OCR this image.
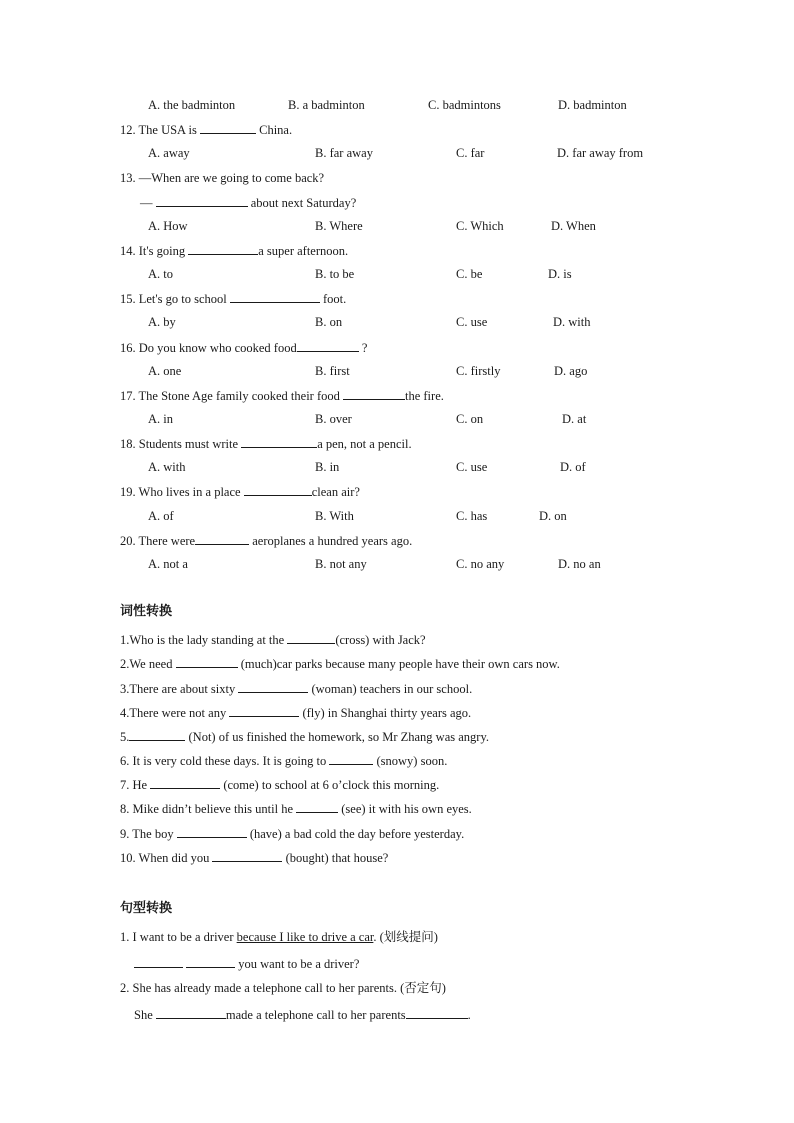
A. the badminton	B. a badminton	C. badmintons	D. badminton
12. The USA is	China.
A. away	B. far away	C. far	D. far away from
13. —When are we going to come back?
—	about next Saturday?
A. How	B. Where	C. Which	D. When
14. It's going	a super afternoon.
A. to	B. to be	C. be	D. is
15. Let's go to school	foot.
A. by	B. on	C. use	D. with
16. Do you know who cooked food	?
A. one	B. first	C. firstly	D. ago
17. The Stone Age family cooked their food	the fire.
A. in	B. over	C. on	D. at
18. Students must write	a pen, not a pencil.
A. with	B. in	C. use	D. of
19. Who lives in a place	clean air?
A. of	B. With	C. has	D. on
20. There were	aeroplanes a hundred years ago.
A. not a	B. not any	C. no any	D. no an
词性转换
1.Who is the lady standing at the	(cross) with Jack?
2.We need	(much)car parks because many people have their own cars now.
3.There are about sixty	(woman) teachers in our school.
4.There were not any	(fly) in Shanghai thirty years ago.
5.	(Not) of us finished the homework, so Mr Zhang was angry.
6. It is very cold these days. It is going to	(snowy) soon.
7. He	(come) to school at 6 o’clock this morning.
8. Mike didn’t believe this until he	(see) it with his own eyes.
9. The boy	(have) a bad cold the day before yesterday.
10. When did you	(bought) that house?
句型转换
1. I want to be a driver because I like to drive a car. (划线提问)
you want to be a driver?
2. She has already made a telephone call to her parents. (否定句)
She	made a telephone call to her parents	.
